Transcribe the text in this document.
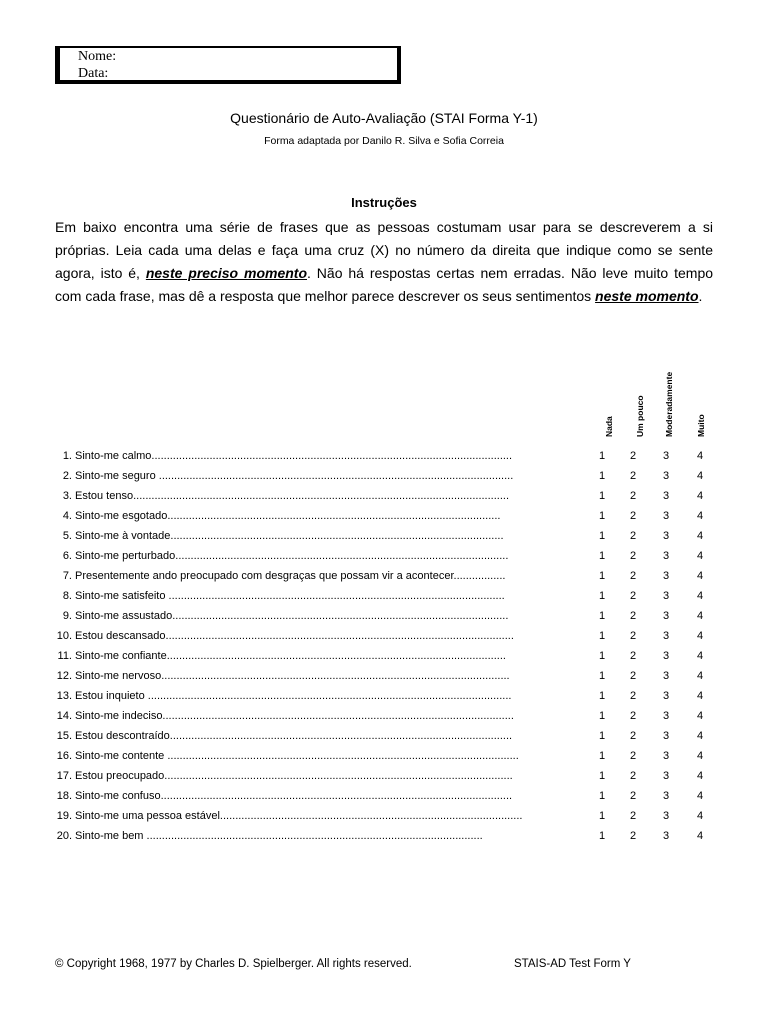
Nome:
Data:
Questionário de Auto-Avaliação (STAI Forma Y-1)
Forma adaptada por Danilo R. Silva e Sofia Correia
Instruções
Em baixo encontra uma série de frases que as pessoas costumam usar para se descreverem a si próprias. Leia cada uma delas e faça uma cruz (X) no número da direita que indique como se sente agora, isto é, neste preciso momento. Não há respostas certas nem erradas. Não leve muito tempo com cada frase, mas dê a resposta que melhor parece descrever os seus sentimentos neste momento.
Nada Um pouco Moderadamente	Muito
1. Sinto-me calmo......................................................................................................................	1 2 3	4
2. Sinto-me seguro ....................................................................................................................	1 2 3	4
3. Estou tenso...........................................................................................................................	1 2 3	4
4. Sinto-me esgotado.............................................................................................................	1 2 3	4
5. Sinto-me à vontade.............................................................................................................	1 2 3	4
6. Sinto-me perturbado.............................................................................................................	1 2 3	4
7. Presentemente ando preocupado com desgraças que possam vir a acontecer.................	1 2 3	4
8. Sinto-me satisfeito ..............................................................................................................	1 2 3	4
9. Sinto-me assustado..............................................................................................................	1 2 3	4
10. Estou descansado..................................................................................................................	1 2 3	4
11. Sinto-me confiante...............................................................................................................	1 2 3	4
12. Sinto-me nervoso..................................................................................................................	1 2 3	4
13. Estou inquieto .......................................................................................................................	1 2 3	4
14. Sinto-me indeciso...................................................................................................................	1 2 3	4
15. Estou descontraído................................................................................................................	1 2 3	4
16. Sinto-me contente ...................................................................................................................	1 2 3	4
17. Estou preocupado..................................................................................................................	1 2 3	4
18. Sinto-me confuso...................................................................................................................	1 2 3	4
19. Sinto-me uma pessoa estável...................................................................................................	1 2 3	4
20. Sinto-me bem ..............................................................................................................	1 2 3	4
© Copyright 1968, 1977 by Charles D. Spielberger. All rights reserved.	STAIS-AD Test Form Y
